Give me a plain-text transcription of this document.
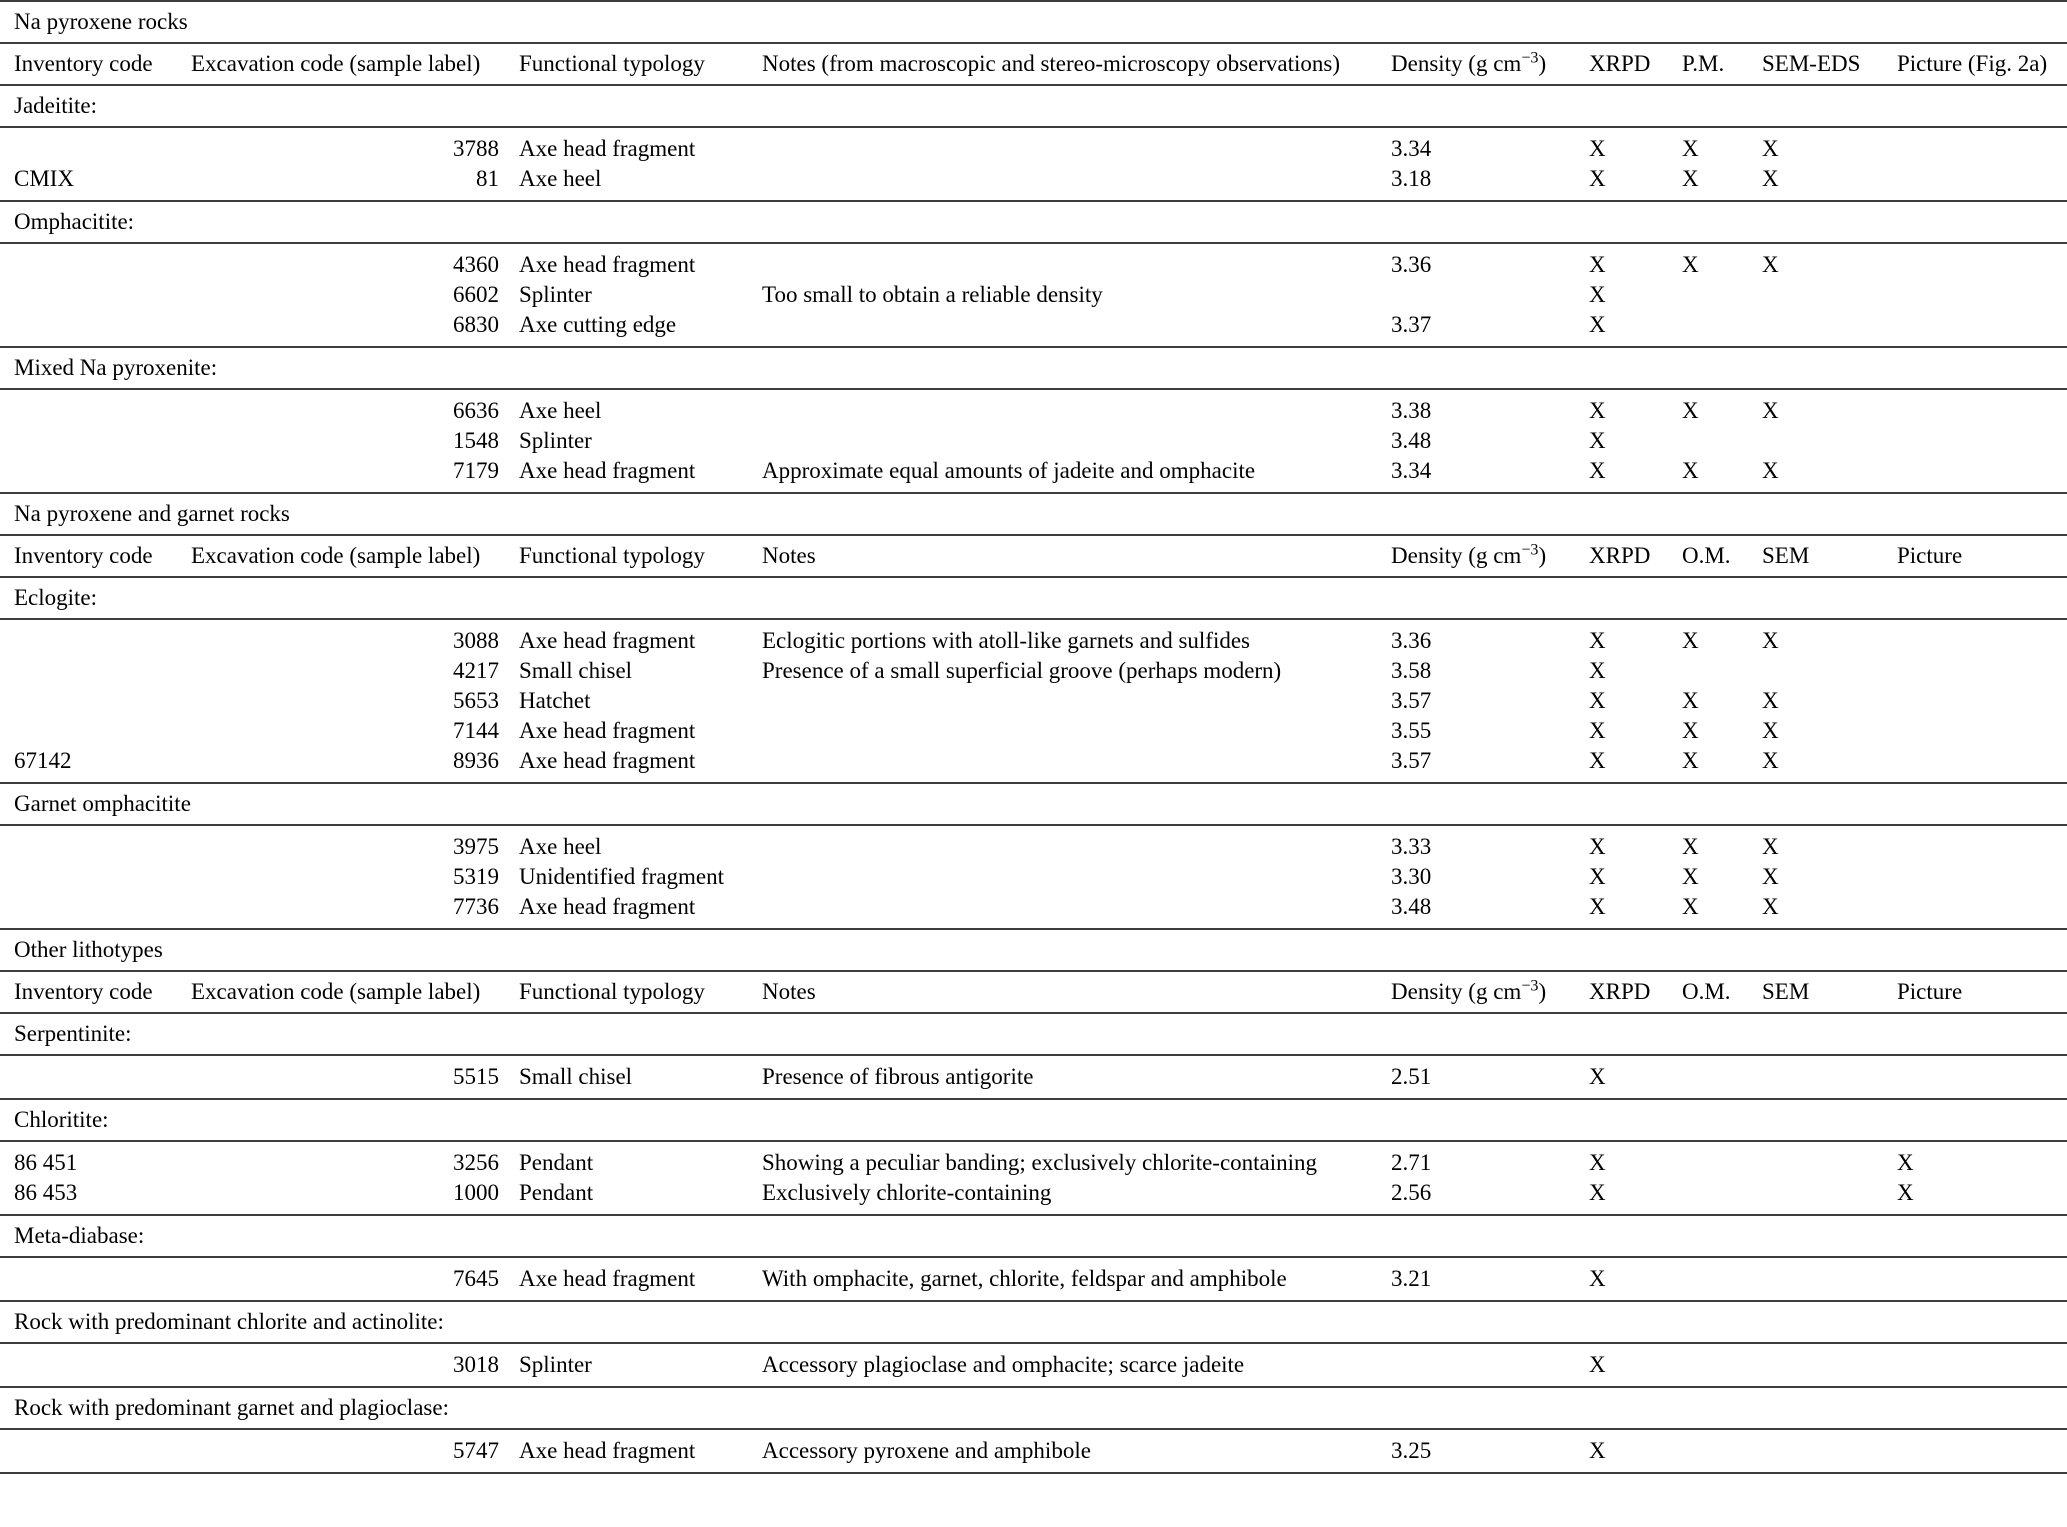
Na pyroxene rocks								
Inventory code	Excavation code (sample label)	Functional typology	Notes (from macroscopic and stereo-microscopy observations)	Density (g $cm^{-3}$)	XRPD	P.M.	SEM-EDS	Picture (Fig. 2a)
Jadeitite:								
	3788	Axe head fragment		3.34	X	X	X	
CMIX	81	Axe heel		3.18	X	X	X	
Omphacitite:								
	4360	Axe head fragment		3.36	X	X	X	
	6602	Splinter	Too small to obtain a reliable density		X			
	6830	Axe cutting edge		3.37	X			
Mixed Na pyroxenite:								
	6636	Axe heel		3.38	X	X	X	
	1548	Splinter		3.48	X			
	7179	Axe head fragment	Approximate equal amounts of jadeite and omphacite	3.34	X	X	X	
Na pyroxene and garnet rocks								
Inventory code	Excavation code (sample label)	Functional typology	Notes	Density (g $cm^{-3}$)	XRPD	O.M.	SEM	Picture
Eclogite:								
	3088	Axe head fragment	Eclogitic portions with atoll-like garnets and sulfides	3.36	X	X	X	
	4217	Small chisel	Presence of a small superficial groove (perhaps modern)	3.58	X			
	5653	Hatchet		3.57	X	X	X	
	7144	Axe head fragment		3.55	X	X	X	
67142	8936	Axe head fragment		3.57	X	X	X	
Garnet omphacitite								
	3975	Axe heel		3.33	X	X	X	
	5319	Unidentified fragment		3.30	X	X	X	
	7736	Axe head fragment		3.48	X	X	X	
Other lithotypes								
Inventory code	Excavation code (sample label)	Functional typology	Notes	Density (g $cm^{-3}$)	XRPD	O.M.	SEM	Picture
Serpentinite:								
	5515	Small chisel	Presence of fibrous antigorite	2.51	X			
Chloritite:								
86 451	3256	Pendant	Showing a peculiar banding; exclusively chlorite-containing	2.71	X			X
86 453	1000	Pendant	Exclusively chlorite-containing	2.56	X			X
Meta-diabase:								
	7645	Axe head fragment	With omphacite, garnet, chlorite, feldspar and amphibole	3.21	X			
Rock with predominant chlorite and actinolite:								
	3018	Splinter	Accessory plagioclase and omphacite; scarce jadeite		X			
Rock with predominant garnet and plagioclase:								
	5747	Axe head fragment	Accessory pyroxene and amphibole	3.25	X			
